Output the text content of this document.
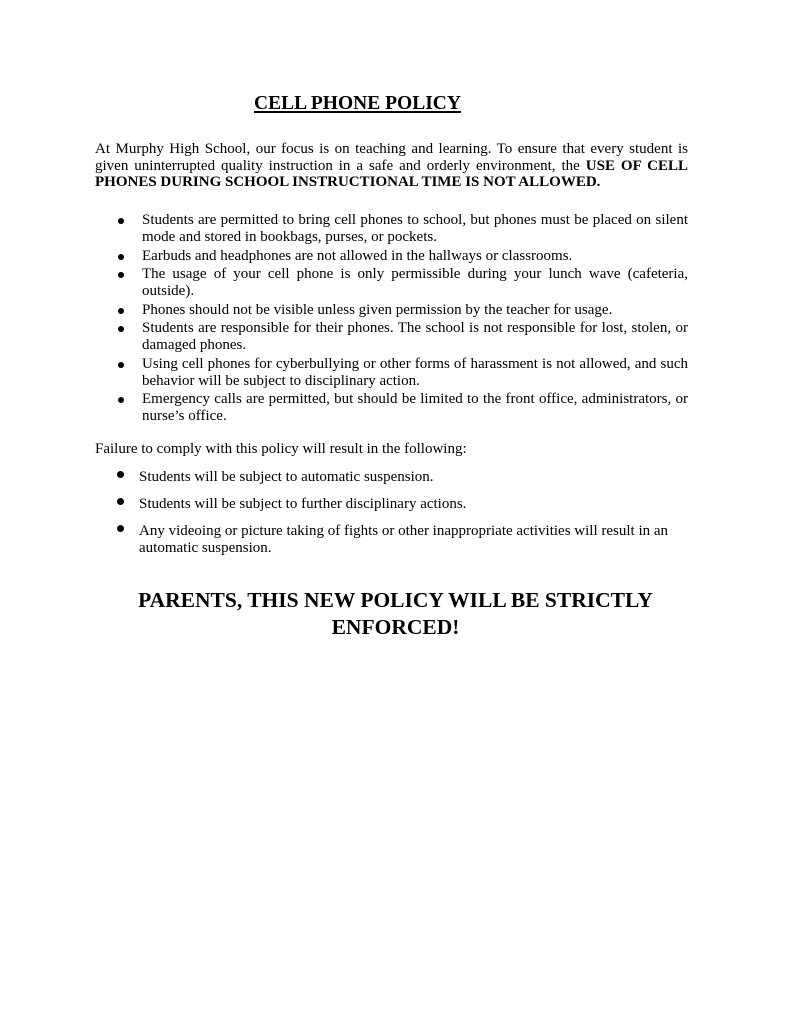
CELL PHONE POLICY

At Murphy High School, our focus is on teaching and learning. To ensure that every student is given uninterrupted quality instruction in a safe and orderly environment, the USE OF CELL PHONES DURING SCHOOL INSTRUCTIONAL TIME IS NOT ALLOWED.

Students are permitted to bring cell phones to school, but phones must be placed on silent mode and stored in bookbags, purses, or pockets.
Earbuds and headphones are not allowed in the hallways or classrooms.
The usage of your cell phone is only permissible during your lunch wave (cafeteria, outside).
Phones should not be visible unless given permission by the teacher for usage.
Students are responsible for their phones. The school is not responsible for lost, stolen, or damaged phones.
Using cell phones for cyberbullying or other forms of harassment is not allowed, and such behavior will be subject to disciplinary action.
Emergency calls are permitted, but should be limited to the front office, administrators, or nurse’s office.

Failure to comply with this policy will result in the following:

Students will be subject to automatic suspension.
Students will be subject to further disciplinary actions.
Any videoing or picture taking of fights or other inappropriate activities will result in an automatic suspension.

PARENTS, THIS NEW POLICY WILL BE STRICTLY
ENFORCED!
